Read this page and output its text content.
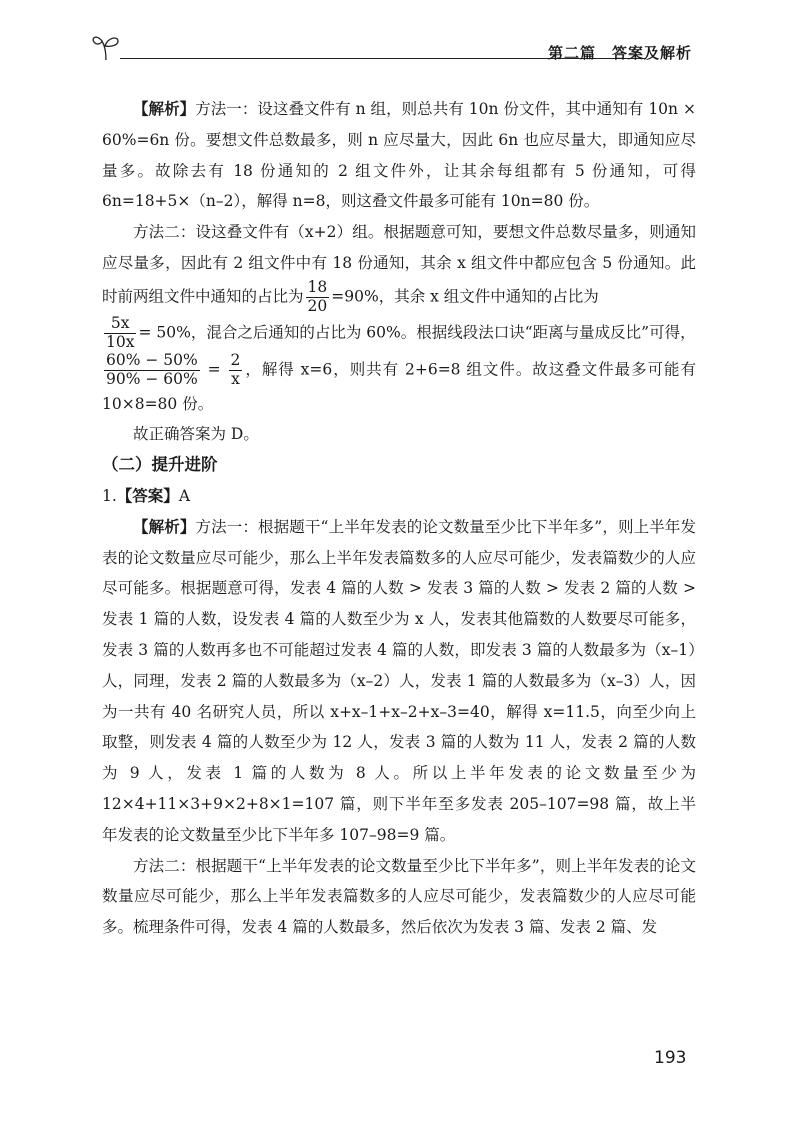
第二篇　答案及解析

【解析】方法一：设这叠文件有 n 组，则总共有 10n 份文件，其中通知有 10n × 60%=6n 份。要想文件总数最多，则 n 应尽量大，因此 6n 也应尽量大，即通知应尽量多。故除去有 18 份通知的 2 组文件外，让其余每组都有 5 份通知，可得 6n=18+5×（n–2），解得 n=8，则这叠文件最多可能有 10n=80 份。

方法二：设这叠文件有（x+2）组。根据题意可知，要想文件总数尽量多，则通知应尽量多，因此有 2 组文件中有 18 份通知，其余 x 组文件中都应包含 5 份通知。此时前两组文件中通知的占比为 $\frac{18}{20} =90\%$，其余 x 组文件中通知的占比为

$\frac{5x}{10x} = 50\%$，混合之后通知的占比为 60%。根据线段法口诀“距离与量成反比”可得，

$\frac{60\% - 50\%}{90\% - 60\%} = \frac{2}{x}$ ，解得 x=6，则共有 2+6=8 组文件。故这叠文件最多可能有 10×8=80 份。

故正确答案为 D。

（二）提升进阶

1.【答案】A

【解析】方法一：根据题干“上半年发表的论文数量至少比下半年多”，则上半年发表的论文数量应尽可能少，那么上半年发表篇数多的人应尽可能少，发表篇数少的人应尽可能多。根据题意可得，发表 4 篇的人数 > 发表 3 篇的人数 > 发表 2 篇的人数 > 发表 1 篇的人数，设发表 4 篇的人数至少为 x 人，发表其他篇数的人数要尽可能多，发表 3 篇的人数再多也不可能超过发表 4 篇的人数，即发表 3 篇的人数最多为（x–1）人，同理，发表 2 篇的人数最多为（x–2）人，发表 1 篇的人数最多为（x–3）人，因为一共有 40 名研究人员，所以 x+x–1+x–2+x–3=40，解得 x=11.5，向至少向上取整，则发表 4 篇的人数至少为 12 人，发表 3 篇的人数为 11 人，发表 2 篇的人数为 9 人，发表 1 篇的人数为 8 人。所以上半年发表的论文数量至少为 12×4+11×3+9×2+8×1=107 篇，则下半年至多发表 205–107=98 篇，故上半年发表的论文数量至少比下半年多 107–98=9 篇。

方法二：根据题干“上半年发表的论文数量至少比下半年多”，则上半年发表的论文数量应尽可能少，那么上半年发表篇数多的人应尽可能少，发表篇数少的人应尽可能多。梳理条件可得，发表 4 篇的人数最多，然后依次为发表 3 篇、发表 2 篇、发

193
